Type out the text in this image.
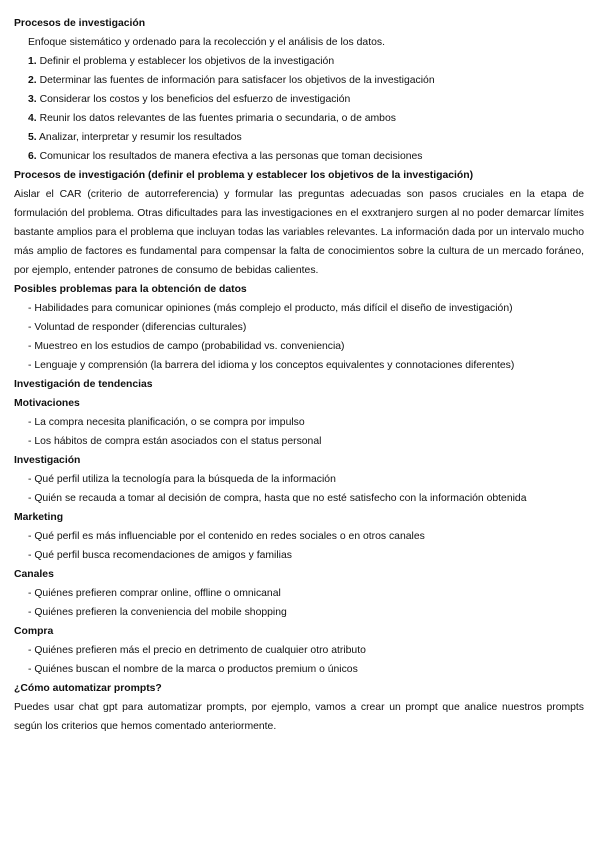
Procesos de investigación
Enfoque sistemático y ordenado para la recolección y el análisis de los datos.
1. Definir el problema y establecer los objetivos de la investigación
2. Determinar las fuentes de información para satisfacer los objetivos de la investigación
3. Considerar los costos y los beneficios del esfuerzo de investigación
4. Reunir los datos relevantes de las fuentes primaria o secundaria, o de ambos
5. Analizar, interpretar y resumir los resultados
6. Comunicar los resultados de manera efectiva a las personas que toman decisiones
Procesos de investigación (definir el problema y establecer los objetivos de la investigación)
Aislar el CAR (criterio de autorreferencia) y formular las preguntas adecuadas son pasos cruciales en la etapa de formulación del problema. Otras dificultades para las investigaciones en el exxtranjero surgen al no poder demarcar límites bastante amplios para el problema que incluyan todas las variables relevantes. La información dada por un intervalo mucho más amplio de factores es fundamental para compensar la falta de conocimientos sobre la cultura de un mercado foráneo, por ejemplo, entender patrones de consumo de bebidas calientes.
Posibles problemas para la obtención de datos
- Habilidades para comunicar opiniones (más complejo el producto, más difícil el diseño de investigación)
- Voluntad de responder (diferencias culturales)
- Muestreo en los estudios de campo (probabilidad vs. conveniencia)
- Lenguaje y comprensión (la barrera del idioma y los conceptos equivalentes y connotaciones diferentes)
Investigación de tendencias
Motivaciones
- La compra necesita planificación, o se compra por impulso
- Los hábitos de compra están asociados con el status personal
Investigación
- Qué perfil utiliza la tecnología para la búsqueda de la información
- Quién se recauda a tomar al decisión de compra, hasta que no esté satisfecho con la información obtenida
Marketing
- Qué perfil es más influenciable por el contenido en redes sociales o en otros canales
- Qué perfil busca recomendaciones de amigos y familias
Canales
- Quiénes prefieren comprar online, offline o omnicanal
- Quiénes prefieren la conveniencia del mobile shopping
Compra
- Quiénes prefieren más el precio en detrimento de cualquier otro atributo
- Quiénes buscan el nombre de la marca o productos premium o únicos
¿Cómo automatizar prompts?
Puedes usar chat gpt para automatizar prompts, por ejemplo, vamos a crear un prompt que analice nuestros prompts según los criterios que hemos comentado anteriormente.
